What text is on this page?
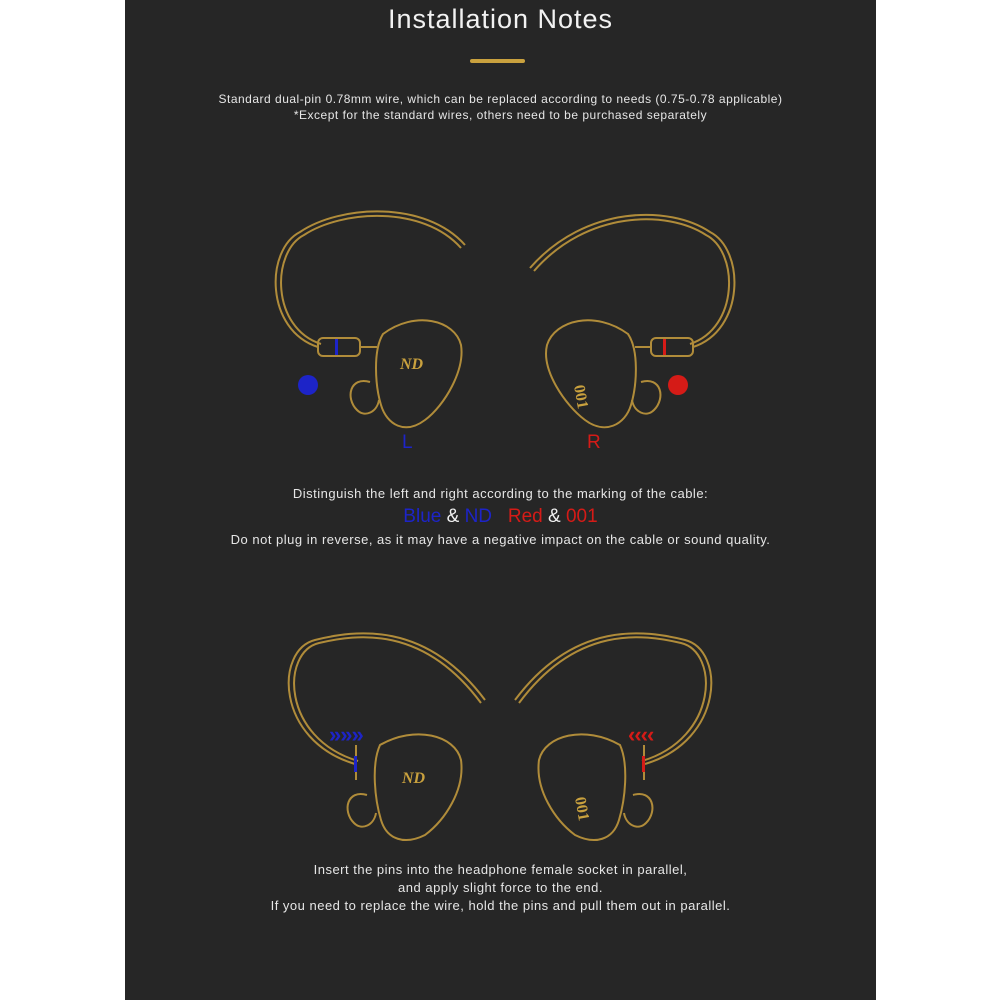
Installation Notes
Standard dual-pin 0.78mm wire, which can be replaced according to needs (0.75-0.78 applicable)
*Except for the standard wires, others need to be purchased separately
ND
001
ND
001
L	R
»»»	‹‹‹‹
Distinguish the left and right according to the marking of the cable:
Blue & ND Red & 001
Do not plug in reverse, as it may have a negative impact on the cable or sound quality.
Insert the pins into the headphone female socket in parallel,
and apply slight force to the end.
If you need to replace the wire, hold the pins and pull them out in parallel.
